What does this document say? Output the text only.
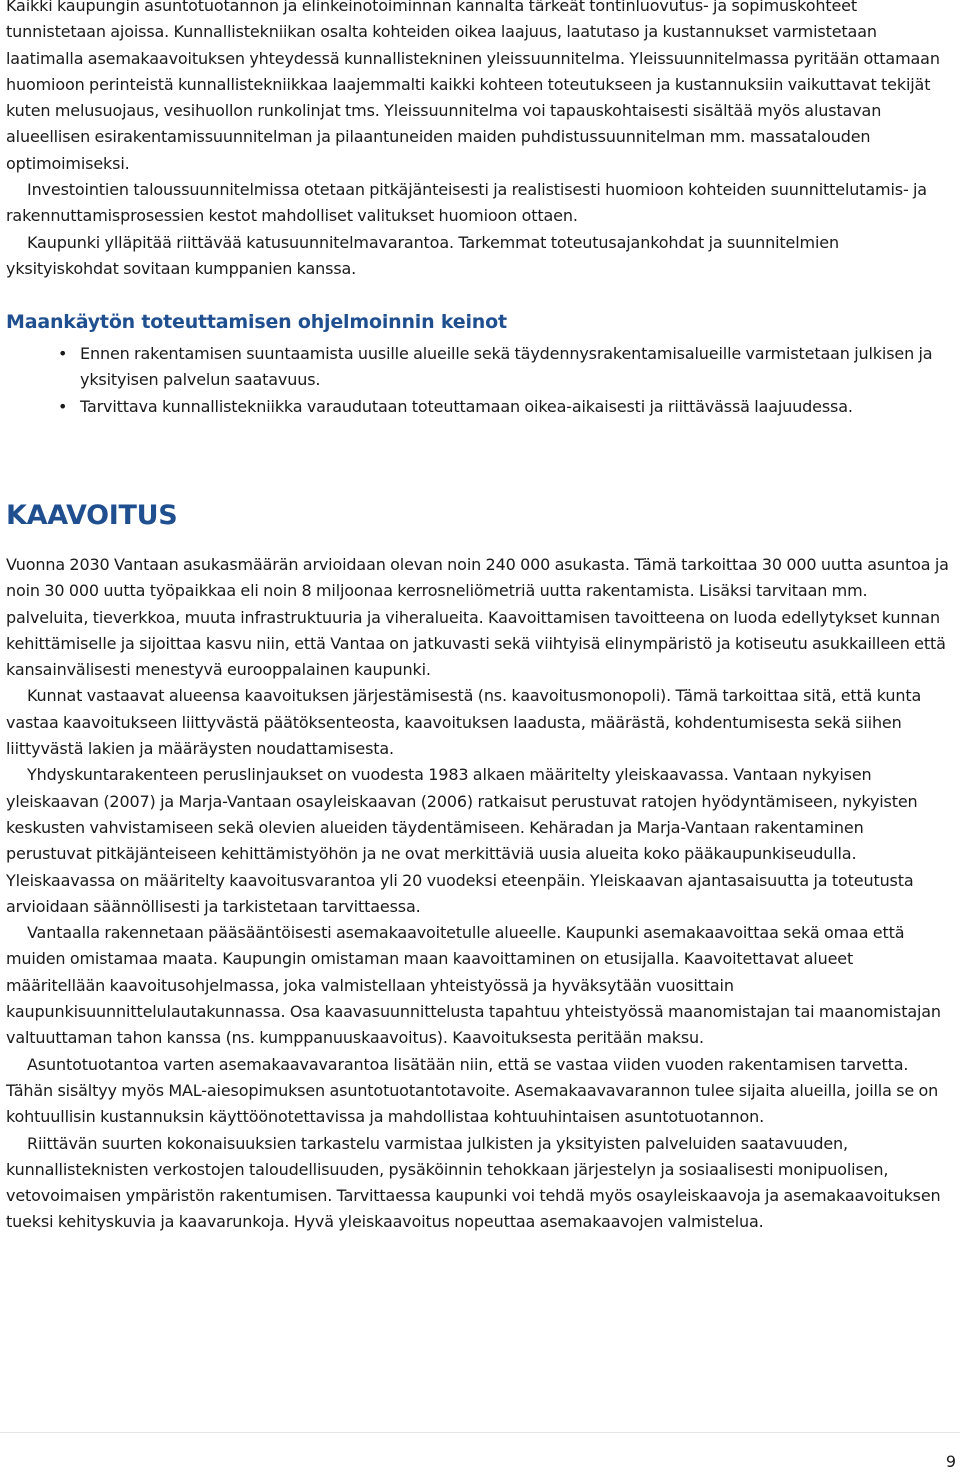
Kaikki kaupungin asuntotuotannon ja elinkeinotoiminnan kannalta tärkeät tontinluovutus- ja sopimuskohteet tunnistetaan ajoissa. Kunnallistekniikan osalta kohteiden oikea laajuus, laatutaso ja kustannukset varmistetaan laatimalla asemakaavoituksen yhteydessä kunnallistekninen yleissuunnitelma. Yleissuunnitelmassa pyritään ottamaan huomioon perinteistä kunnallistekniikkaa laajemmalti kaikki kohteen toteutukseen ja kustannuksiin vaikuttavat tekijät kuten melusuojaus, vesihuollon runkolinjat tms. Yleissuunnitelma voi tapauskohtaisesti sisältää myös alustavan alueellisen esirakentamissuunnitelman ja pilaantuneiden maiden puhdistussuunnitelman mm. massatalouden optimoimiseksi.

Investointien taloussuunnitelmissa otetaan pitkäjänteisesti ja realistisesti huomioon kohteiden suunnittelutamis- ja rakennuttamisprosessien kestot mahdolliset valitukset huomioon ottaen.

Kaupunki ylläpitää riittävää katusuunnitelmavarantoa. Tarkemmat toteutusajankohdat ja suunnitelmien yksityiskohdat sovitaan kumppanien kanssa.

Maankäytön toteuttamisen ohjelmoinnin keinot
• Ennen rakentamisen suuntaamista uusille alueille sekä täydennysrakentamisalueille varmistetaan julkisen ja yksityisen palvelun saatavuus.
• Tarvittava kunnallistekniikka varaudutaan toteuttamaan oikea-aikaisesti ja riittävässä laajuudessa.
KAAVOITUS

Vuonna 2030 Vantaan asukasmäärän arvioidaan olevan noin 240 000 asukasta. Tämä tarkoittaa 30 000 uutta asuntoa ja noin 30 000 uutta työpaikkaa eli noin 8 miljoonaa kerrosneliömetriä uutta rakentamista. Lisäksi tarvitaan mm. palveluita, tieverkkoa, muuta infrastruktuuria ja viheralueita. Kaavoittamisen tavoitteena on luoda edellytykset kunnan kehittämiselle ja sijoittaa kasvu niin, että Vantaa on jatkuvasti sekä viihtyisä elinympäristö ja kotiseutu asukkailleen että kansainvälisesti menestyvä eurooppalainen kaupunki.

Kunnat vastaavat alueensa kaavoituksen järjestämisestä (ns. kaavoitusmonopoli). Tämä tarkoittaa sitä, että kunta vastaa kaavoitukseen liittyvästä päätöksenteosta, kaavoituksen laadusta, määrästä, kohdentumisesta sekä siihen liittyvästä lakien ja määräysten noudattamisesta.

Yhdyskuntarakenteen peruslinjaukset on vuodesta 1983 alkaen määritelty yleiskaavassa. Vantaan nykyisen yleiskaavan (2007) ja Marja-Vantaan osayleiskaavan (2006) ratkaisut perustuvat ratojen hyödyntämiseen, nykyisten keskusten vahvistamiseen sekä olevien alueiden täydentämiseen. Kehäradan ja Marja-Vantaan rakentaminen perustuvat pitkäjänteiseen kehittämistyöhön ja ne ovat merkittäviä uusia alueita koko pääkaupunkiseudulla. Yleiskaavassa on määritelty kaavoitusvarantoa yli 20 vuodeksi eteenpäin. Yleiskaavan ajantasaisuutta ja toteutusta arvioidaan säännöllisesti ja tarkistetaan tarvittaessa.

Vantaalla rakennetaan pääsääntöisesti asemakaavoitetulle alueelle. Kaupunki asemakaavoittaa sekä omaa että muiden omistamaa maata. Kaupungin omistaman maan kaavoittaminen on etusijalla. Kaavoitettavat alueet määritellään kaavoitusohjelmassa, joka valmistellaan yhteistyössä ja hyväksytään vuosittain kaupunkisuunnittelulautakunnassa. Osa kaavasuunnittelusta tapahtuu yhteistyössä maanomistajan tai maanomistajan valtuuttaman tahon kanssa (ns. kumppanuuskaavoitus). Kaavoituksesta peritään maksu.

Asuntotuotantoa varten asemakaavavarantoa lisätään niin, että se vastaa viiden vuoden rakentamisen tarvetta. Tähän sisältyy myös MAL-aiesopimuksen asuntotuotantotavoite. Asemakaavavarannon tulee sijaita alueilla, joilla se on kohtuullisin kustannuksin käyttöönotettavissa ja mahdollistaa kohtuuhintaisen asuntotuotannon.

Riittävän suurten kokonaisuuksien tarkastelu varmistaa julkisten ja yksityisten palveluiden saatavuuden, kunnallisteknisten verkostojen taloudellisuuden, pysäköinnin tehokkaan järjestelyn ja sosiaalisesti monipuolisen, vetovoimaisen ympäristön rakentumisen. Tarvittaessa kaupunki voi tehdä myös osayleiskaavoja ja asemakaavoituksen tueksi kehityskuvia ja kaavarunkoja. Hyvä yleiskaavoitus nopeuttaa asemakaavojen valmistelua.

9
